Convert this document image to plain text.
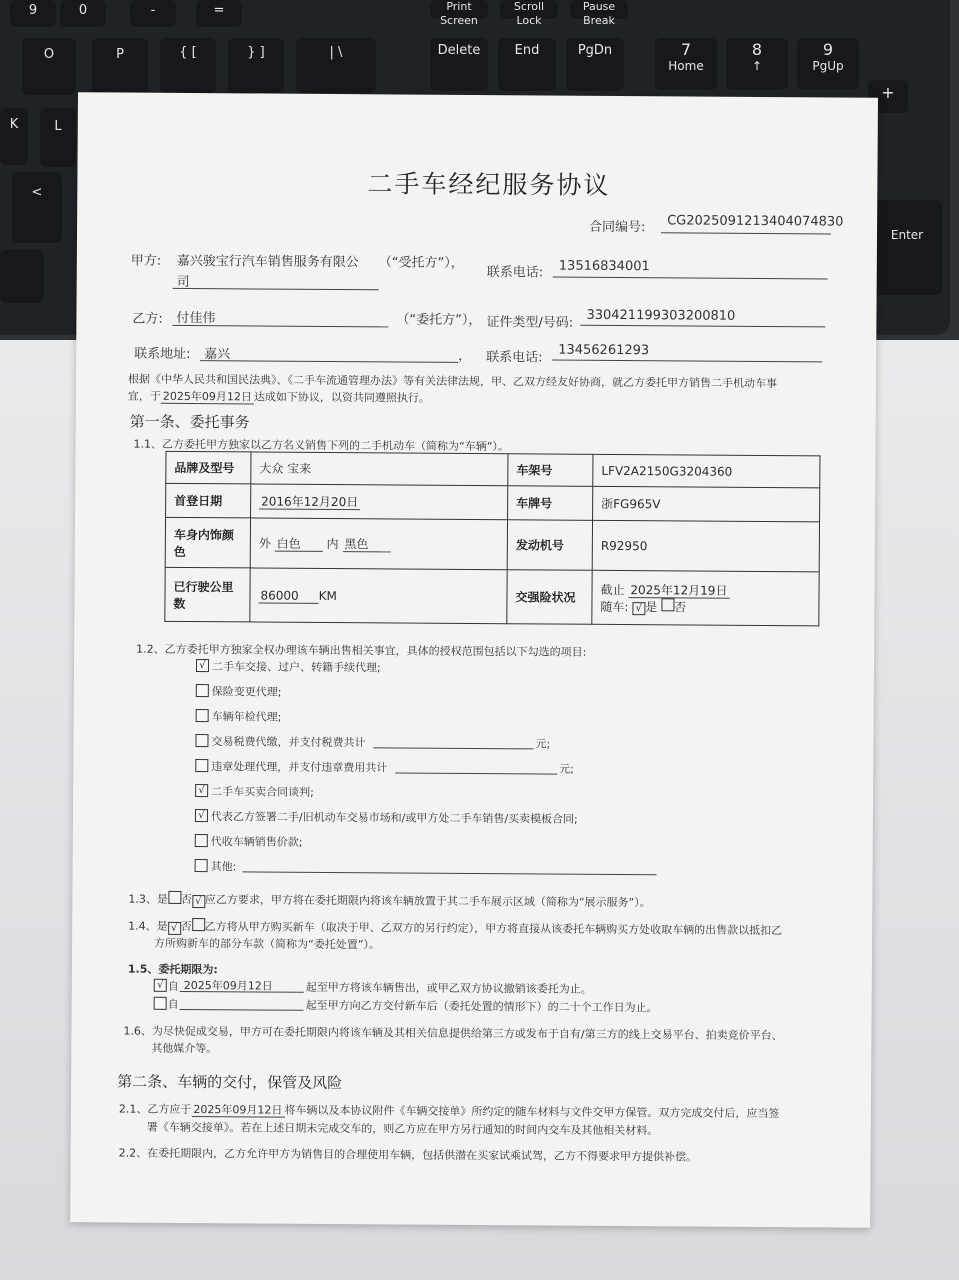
9	0	-	=	Print Screen
Scroll Lock
Pause Break
O	P	{ [	} ]	| \	Delete	End	PgDn	7
Home
8
↑
9
PgUp
+
K	L
<
Enter
二手车经纪服务协议
合同编号: CG2025091213404074830
甲方: 嘉兴骏宝行汽车销售服务有限公 （“受托方”），
司
联系电话: 13516834001
乙方: 付佳伟	（“委托方”）， 证件类型/号码: 330421199303200810
联系地址: 嘉兴	， 联系电话: 13456261293
根据《中华人民共和国民法典》、《二手车流通管理办法》等有关法律法规，甲、乙双方经友好协商，就乙方委托甲方销售二手机动车事
宜，于 2025年09月12日 达成如下协议，以资共同遵照执行。
第一条、委托事务
1.1、乙方委托甲方独家以乙方名义销售下列的二手机动车（简称为“车辆”）。
品牌及型号	大众 宝来	车架号	LFV2A2150G3204360
首登日期	2016年12月20日	车牌号	浙FG965V
车身内饰颜
色	外 白色 内 黑色	发动机号	R92950
已行驶公里
数	86000 KM	交强险状况	截止 2025年12月19日
随车: √ 是 否
1.2、乙方委托甲方独家全权办理该车辆出售相关事宜，具体的授权范围包括以下勾选的项目:
√ 二手车交接、过户、转籍手续代理;
保险变更代理;
车辆年检代理;
交易税费代缴，并支付税费共计	元;
违章处理代理，并支付违章费用共计	元;
√ 二手车买卖合同谈判;
√ 代表乙方签署二手/旧机动车交易市场和/或甲方处二手车销售/买卖模板合同;
代收车辆销售价款;
其他:
1.3、是 否 √ 应乙方要求，甲方将在委托期限内将该车辆放置于其二手车展示区域（简称为“展示服务”）。
1.4、是 √ 否 乙方将从甲方购买新车（取决于甲、乙双方的另行约定），甲方将直接从该委托车辆购买方处收取车辆的出售款以抵扣乙
方所购新车的部分车款（简称为“委托处置”）。
1.5、委托期限为:
√ 自 2025年09月12日	起至甲方将该车辆售出，或甲乙双方协议撤销该委托为止。
自	起至甲方向乙方交付新车后（委托处置的情形下）的二十个工作日为止。
1.6、为尽快促成交易，甲方可在委托期限内将该车辆及其相关信息提供给第三方或发布于自有/第三方的线上交易平台、拍卖竞价平台、
其他媒介等。
第二条、车辆的交付，保管及风险
2.1、乙方应于 2025年09月12日 将车辆以及本协议附件《车辆交接单》所约定的随车材料与文件交甲方保管。双方完成交付后，应当签
署《车辆交接单》。若在上述日期未完成交车的，则乙方应在甲方另行通知的时间内交车及其他相关材料。
2.2、在委托期限内，乙方允许甲方为销售目的合理使用车辆，包括供潜在买家试乘试驾，乙方不得要求甲方提供补偿。
